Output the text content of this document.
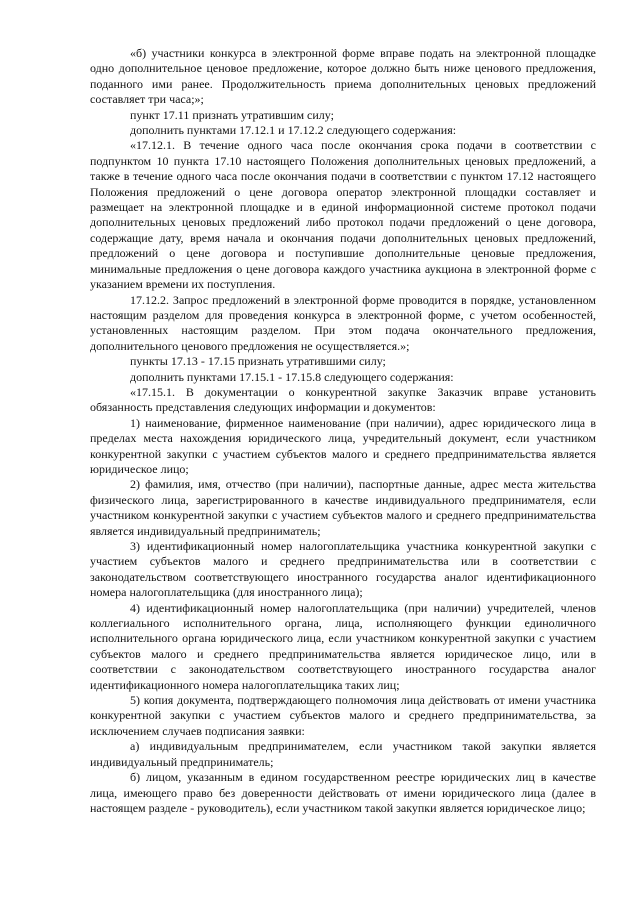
«б) участники конкурса в электронной форме вправе подать на электронной площадке одно дополнительное ценовое предложение, которое должно быть ниже ценового предложения, поданного ими ранее. Продолжительность приема дополнительных ценовых предложений составляет три часа;»;

пункт 17.11 признать утратившим силу;

дополнить пунктами 17.12.1 и 17.12.2 следующего содержания:

«17.12.1. В течение одного часа после окончания срока подачи в соответствии с подпунктом 10 пункта 17.10 настоящего Положения дополнительных ценовых предложений, а также в течение одного часа после окончания подачи в соответствии с пунктом 17.12 настоящего Положения предложений о цене договора оператор электронной площадки составляет и размещает на электронной площадке и в единой информационной системе протокол подачи дополнительных ценовых предложений либо протокол подачи предложений о цене договора, содержащие дату, время начала и окончания подачи дополнительных ценовых предложений, предложений о цене договора и поступившие дополнительные ценовые предложения, минимальные предложения о цене договора каждого участника аукциона в электронной форме с указанием времени их поступления.

17.12.2. Запрос предложений в электронной форме проводится в порядке, установленном настоящим разделом для проведения конкурса в электронной форме, с учетом особенностей, установленных настоящим разделом. При этом подача окончательного предложения, дополнительного ценового предложения не осуществляется.»;

пункты 17.13 - 17.15 признать утратившими силу;

дополнить пунктами 17.15.1 - 17.15.8 следующего содержания:

«17.15.1. В документации о конкурентной закупке Заказчик вправе установить обязанность представления следующих информации и документов:

1) наименование, фирменное наименование (при наличии), адрес юридического лица в пределах места нахождения юридического лица, учредительный документ, если участником конкурентной закупки с участием субъектов малого и среднего предпринимательства является юридическое лицо;

2) фамилия, имя, отчество (при наличии), паспортные данные, адрес места жительства физического лица, зарегистрированного в качестве индивидуального предпринимателя, если участником конкурентной закупки с участием субъектов малого и среднего предпринимательства является индивидуальный предприниматель;

3) идентификационный номер налогоплательщика участника конкурентной закупки с участием субъектов малого и среднего предпринимательства или в соответствии с законодательством соответствующего иностранного государства аналог идентификационного номера налогоплательщика (для иностранного лица);

4) идентификационный номер налогоплательщика (при наличии) учредителей, членов коллегиального исполнительного органа, лица, исполняющего функции единоличного исполнительного органа юридического лица, если участником конкурентной закупки с участием субъектов малого и среднего предпринимательства является юридическое лицо, или в соответствии с законодательством соответствующего иностранного государства аналог идентификационного номера налогоплательщика таких лиц;

5) копия документа, подтверждающего полномочия лица действовать от имени участника конкурентной закупки с участием субъектов малого и среднего предпринимательства, за исключением случаев подписания заявки:

а) индивидуальным предпринимателем, если участником такой закупки является индивидуальный предприниматель;

б) лицом, указанным в едином государственном реестре юридических лиц в качестве лица, имеющего право без доверенности действовать от имени юридического лица (далее в настоящем разделе - руководитель), если участником такой закупки является юридическое лицо;
